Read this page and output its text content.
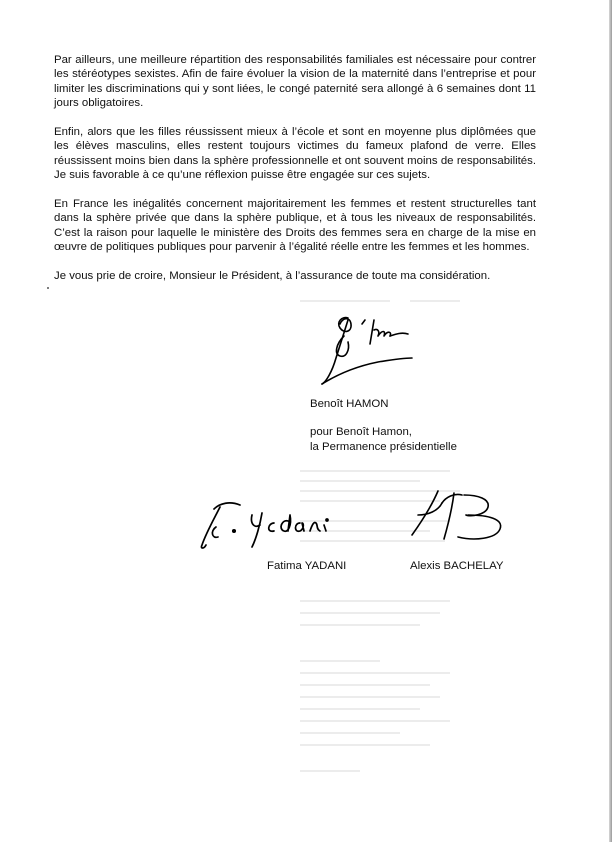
Par ailleurs, une meilleure répartition des responsabilités familiales est nécessaire pour contrer les stéréotypes sexistes. Afin de faire évoluer la vision de la maternité dans l’entreprise et pour limiter les discriminations qui y sont liées, le congé paternité sera allongé à 6 semaines dont 11 jours obligatoires.

Enfin, alors que les filles réussissent mieux à l’école et sont en moyenne plus diplômées que les élèves masculins, elles restent toujours victimes du fameux plafond de verre. Elles réussissent moins bien dans la sphère professionnelle et ont souvent moins de responsabilités. Je suis favorable à ce qu’une réflexion puisse être engagée sur ces sujets.

En France les inégalités concernent majoritairement les femmes et restent structurelles tant dans la sphère privée que dans la sphère publique, et à tous les niveaux de responsabilités. C’est la raison pour laquelle le ministère des Droits des femmes sera en charge de la mise en œuvre de politiques publiques pour parvenir à l’égalité réelle entre les femmes et les hommes.

Je vous prie de croire, Monsieur le Président, à l’assurance de toute ma considération.

Benoît HAMON
pour Benoît Hamon,
la Permanence présidentielle
Fatima YADANI	Alexis BACHELAY
